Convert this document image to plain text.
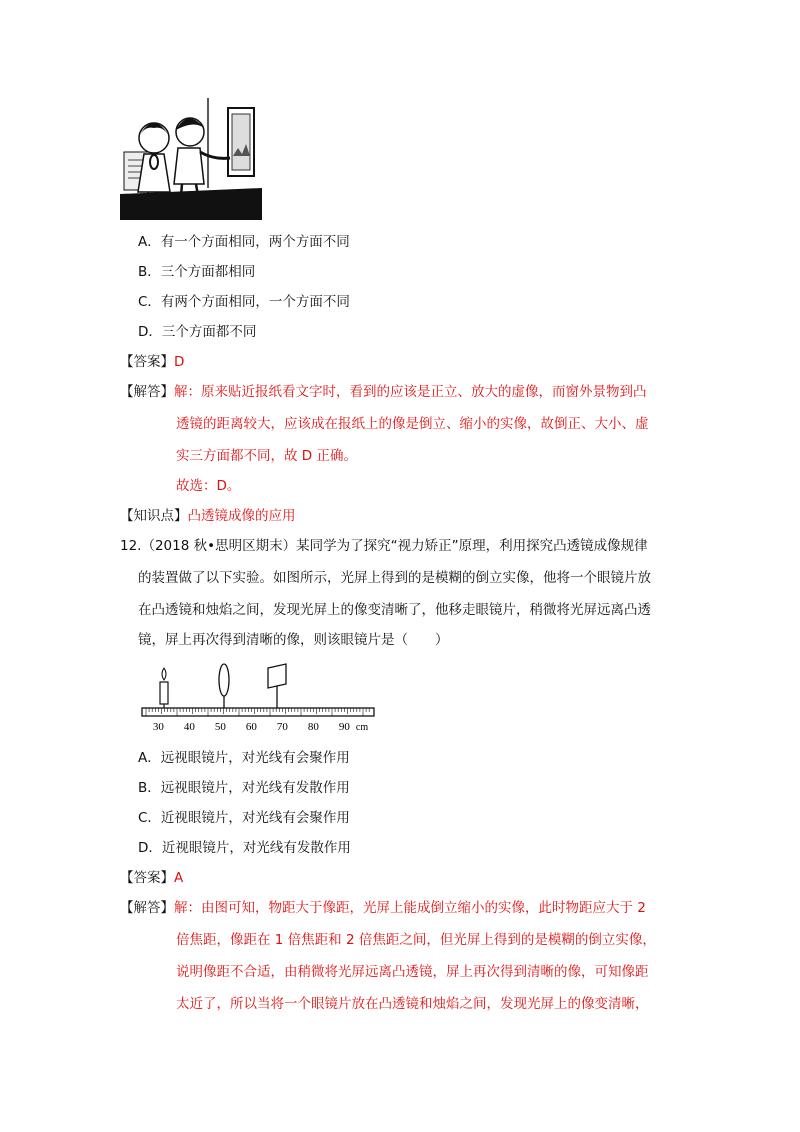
A．有一个方面相同，两个方面不同
B．三个方面都相同
C．有两个方面相同，一个方面不同
D．三个方面都不同
【答案】D
【解答】解：原来贴近报纸看文字时，看到的应该是正立、放大的虚像，而窗外景物到凸
透镜的距离较大，应该成在报纸上的像是倒立、缩小的实像，故倒正、大小、虚
实三方面都不同，故 D 正确。
故选：D。
【知识点】凸透镜成像的应用
12.（2018 秋•思明区期末）某同学为了探究“视力矫正”原理，利用探究凸透镜成像规律
的装置做了以下实验。如图所示，光屏上得到的是模糊的倒立实像，他将一个眼镜片放
在凸透镜和烛焰之间，发现光屏上的像变清晰了，他移走眼镜片，稍微将光屏远离凸透
镜，屏上再次得到清晰的像，则该眼镜片是（　　）
30 40 50 60 70 80 90 cm
A．远视眼镜片，对光线有会聚作用
B．远视眼镜片，对光线有发散作用
C．近视眼镜片，对光线有会聚作用
D．近视眼镜片，对光线有发散作用
【答案】A
【解答】解：由图可知，物距大于像距，光屏上能成倒立缩小的实像，此时物距应大于 2
倍焦距，像距在 1 倍焦距和 2 倍焦距之间，但光屏上得到的是模糊的倒立实像，
说明像距不合适，由稍微将光屏远离凸透镜，屏上再次得到清晰的像，可知像距
太近了，所以当将一个眼镜片放在凸透镜和烛焰之间，发现光屏上的像变清晰，
